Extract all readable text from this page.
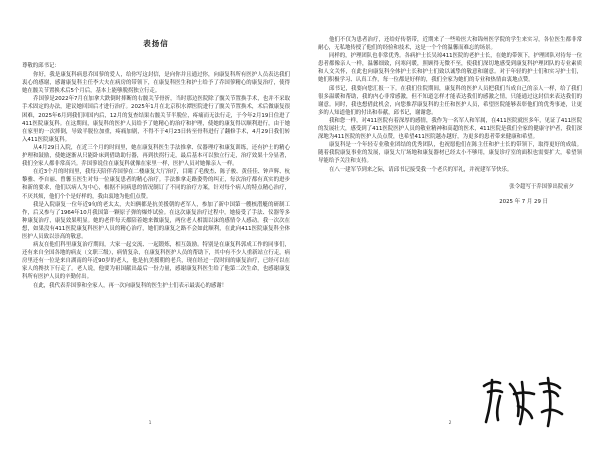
表扬信

尊敬的邱书记：

你好，我是康复科病患乔国蓼的爱人，给你写这封信，是向你并且通过你，向康复科所有医护人员表达我们衷心的感谢，感谢康复科主任李大夫在病房的带领下，在康复科医生和护士给予了乔国蓼精心的康复治疗，使得她在髋关节置换术后5个月后，基本上能够脱拐独立行走。

乔国蓼是2022年7月在加拿大跌倒时摔断的右髋关节骨折，当时那边医院除了髋关节置换手术，也并不采取手术固定的办法，建议她回国后才进行治疗。2025年1月在北京积水潭医院进行了髋关节置换术，术后做康复很困难，2025年6月到我们回国内后，12月的复查结果右髋关节半脱位，疼痛而无法行走，于今年2月19日住进了411医院康复科。在这期间，康复科的医护人员给予了她精心的治疗和护理，使她的康复得以顺利进行，由于她在家里的一次摔倒，导致半脱位加重，疼痛加剧，不得不于4月23日转至骨科进行了翻修手术，4月29日我们转入411医院康复科。

从4月29日入院，在近三个月的时间里，她在康复科医生手法推拿、仪器理疗和康复训练，还有护士的精心护理和鼓励，使她逐渐从只能卧床到借助助行器，再到扶拐行走，最后基本可以独立行走，治疗效果十分显著，我们全家人都非常高兴。乔国蓼说住在康复科就像在家里一样，医护人员对她像亲人一样。

在近3个月的时间里，我每天陪伴乔国蓼在二楼康复大厅治疗，目睹了毛俊杰、陈子骏、黄佳佳、钟声辉、杭黎雅、李自丽、曾馨玉医生对每一位康复患者的精心治疗。手法推拿走路姿势的纠正，每次治疗都有真实的进步和新的要求，他们以病人为中心，根据不同病患的情况制订了不同的治疗方案，针对每个病人的特点精心治疗，不厌其烦，他们个个是好样的，我由衷地为他们点赞。

我是入院康复一位年近9旬的老太太，夫妇俩都是抗美援朝的老军人，参加了新中国第一艘核潜艇的研制工作，后又参与了1964年10月我国第一颗原子弹的爆炸试验。在这次康复治疗过程中，她接受了手法、仪器等多种康复治疗，康复效果明显。她的老伴每天都陪着她来做康复，两位老人相濡以沫的感情令人感动。我一次次在想，如果没有411医院康复科医护人员的精心治疗，她们的康复之路不会如此顺利，在此向411医院康复科全体医护人员致以崇高的敬意。

病友在他们科里康复治疗期间，大家一起交流、一起锻炼，相互鼓励。特别是在康复科郭成工作的同事们，还有来自全国各地的病友（文职三级），病情复杂，在康复科医护人员的帮助下，其中有不少人重新站立行走，病房里还有一位是来自湖南的年近90岁的老人，他是抗美援朝的老兵，现在经过一段时间的康复治疗，已经可以在家人的搀扶下行走了。老人说，他要为祖国献出最后一份力量，感谢康复科医生给了他第二次生命，也感谢康复科所有医护人员的辛勤付出。

在此，我代表乔国蓼和全家人，再一次向康复科的医生护士们表示最衷心的感谢！

1

他们不仅为患者治疗，还给好传帮带，近期来了一些哈医大和锦州医学院的学生来实习，各位医生都非常耐心，无私地传授了他们的经验和技术，这是一个个的温馨而难忘的场景。

同样的，护理团队也非常优秀。各病护士长吴琼411医院的老护士长，在她的带领下，护理团队对待每一位患者都像亲人一样，温馨细致，问寒问暖，照顾得无微不至，使我们深切地感受到康复科护理团队的专业素质和人文关怀，在此也向康复科全体护士长和护士们致以诚挚的敬意和谢意。对于年轻的护士们和实习护士们，她们积极学习、认真工作，每一位都是好样的，我们全家为她们的专业和热情由衷地点赞。

邱书记，我要向您汇报一下。在我们住院期间，康复科的医护人员把我们当成自己的亲人一样，给了我们很多温暖和帮助，我的内心非常感激，但不知道怎样才能表达我们的感激之情，只能通过这封信来表达我们的谢意。同时，我也想借此机会，向您推荐康复科的主任和医护人员，希望医院能够表彰他们的优秀事迹，让更多的人知道他们的付出和奉献，邱书记，谢谢您。

我和您一样，对411医院有着深厚的感情，我作为一名军人和军属，在411医院就医多年，见证了411医院的发展壮大，感受到了411医院医护人员的敬业精神和高超的医术，411医院是我们全家的健康守护者，我们深深地为411医院的医护人员点赞，也希望411医院越办越好，为更多的患者带来健康和希望。

康复科是一个年轻专业敬业团结的优秀团队，也祝愿他们在陈主任和护士长的带领下，取得更好的成绩。随着我院康复事业的发展，康复大厅场地和康复器材已经太小不够用，康复诊疗室的面积也需要扩大，希望领导能给予关注和支持。

在八一建军节到来之际，请邱书记接受我一个老兵的军礼，并祝建军节快乐。

张令超写于乔国蓼出院前夕

2025 年 7 月 29 日

2
